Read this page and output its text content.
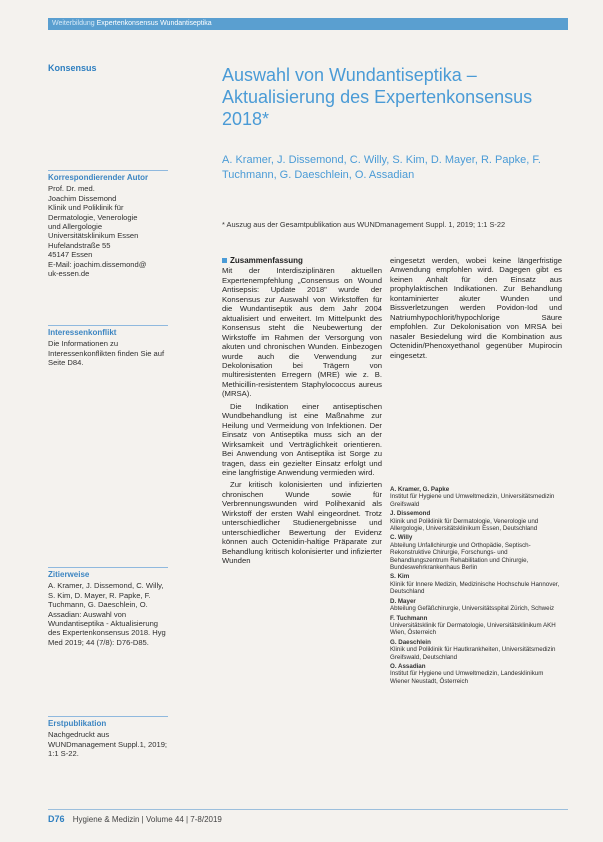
Weiterbildung Expertenkonsensus Wundantiseptika
Konsensus
Korrespondierender Autor
Prof. Dr. med.
Joachim Dissemond
Klinik und Poliklinik für
Dermatologie, Venerologie
und Allergologie
Universitätsklinikum Essen
Hufelandstraße 55
45147 Essen
E-Mail: joachim.dissemond@
uk-essen.de
Interessenkonflikt
Die Informationen zu Interessenkonflikten finden Sie auf Seite D84.
Zitierweise
A. Kramer, J. Dissemond, C. Willy, S. Kim, D. Mayer, R. Papke, F. Tuchmann, G. Daeschlein, O. Assadian: Auswahl von Wundantiseptika - Aktualisierung des Expertenkonsensus 2018. Hyg Med 2019; 44 (7/8): D76-D85.
Erstpublikation
Nachgedruckt aus WUNDmanagement Suppl.1, 2019; 1:1 S-22.
Auswahl von Wundantiseptika – Aktualisierung des Expertenkonsensus 2018*
A. Kramer, J. Dissemond, C. Willy, S. Kim, D. Mayer, R. Papke, F. Tuchmann, G. Daeschlein, O. Assadian
* Auszug aus der Gesamtpublikation aus WUNDmanagement Suppl. 1, 2019; 1:1 S-22
Zusammenfassung

Mit der Interdisziplinären aktuellen Expertenempfehlung „Consensus on Wound Antisepsis: Update 2018" wurde der Konsensus zur Auswahl von Wirkstoffen für die Wundantiseptik aus dem Jahr 2004 aktualisiert und erweitert. Im Mittelpunkt des Konsensus steht die Neubewertung der Wirkstoffe im Rahmen der Versorgung von akuten und chronischen Wunden. Einbezogen wurde auch die Verwendung zur Dekolonisation bei Trägern von multiresistenten Erregern (MRE) wie z. B. Methicillin-resistentem Staphylococcus aureus (MRSA).

Die Indikation einer antiseptischen Wundbehandlung ist eine Maßnahme zur Heilung und Vermeidung von Infektionen. Der Einsatz von Antiseptika muss sich an der Wirksamkeit und Verträglichkeit orientieren. Bei Anwendung von Antiseptika ist Sorge zu tragen, dass ein gezielter Einsatz erfolgt und eine langfristige Anwendung vermieden wird.

Zur kritisch kolonisierten und infizierten chronischen Wunde sowie für Verbrennungswunden wird Polihexanid als Wirkstoff der ersten Wahl eingeordnet. Trotz unterschiedlicher Studienergebnisse und unterschiedlicher Bewertung der Evidenz können auch Octenidin-haltige Präparate zur Behandlung kritisch kolonisierter und infizierter Wunden

eingesetzt werden, wobei keine längerfristige Anwendung empfohlen wird. Dagegen gibt es keinen Anhalt für den Einsatz aus prophylaktischen Indikationen. Zur Behandlung kontaminierter akuter Wunden und Bissverletzungen werden Povidon-Iod und Natriumhypochlorit/hypochlorige Säure empfohlen. Zur Dekolonisation von MRSA bei nasaler Besiedelung wird die Kombination aus Octenidin/Phenoxyethanol gegenüber Mupirocin eingesetzt.

A. Kramer, G. Papke
Institut für Hygiene und Umweltmedizin, Universitätsmedizin Greifswald
J. Dissemond
Klinik und Poliklinik für Dermatologie, Venerologie und Allergologie, Universitätsklinikum Essen, Deutschland
C. Willy
Abteilung Unfallchirurgie und Orthopädie, Septisch-Rekonstruktive Chirurgie, Forschungs- und Behandlungszentrum Rehabilitation und Chirurgie, Bundeswehrkrankenhaus Berlin
S. Kim
Klinik für Innere Medizin, Medizinische Hochschule Hannover, Deutschland
D. Mayer
Abteilung Gefäßchirurgie, Universitätsspital Zürich, Schweiz
F. Tuchmann
Universitätsklinik für Dermatologie, Universitätsklinikum AKH Wien, Österreich
G. Daeschlein
Klinik und Poliklinik für Hautkrankheiten, Universitätsmedizin Greifswald, Deutschland
O. Assadian
Institut für Hygiene und Umweltmedizin, Landesklinikum Wiener Neustadt, Österreich
D76 Hygiene & Medizin | Volume 44 | 7-8/2019
